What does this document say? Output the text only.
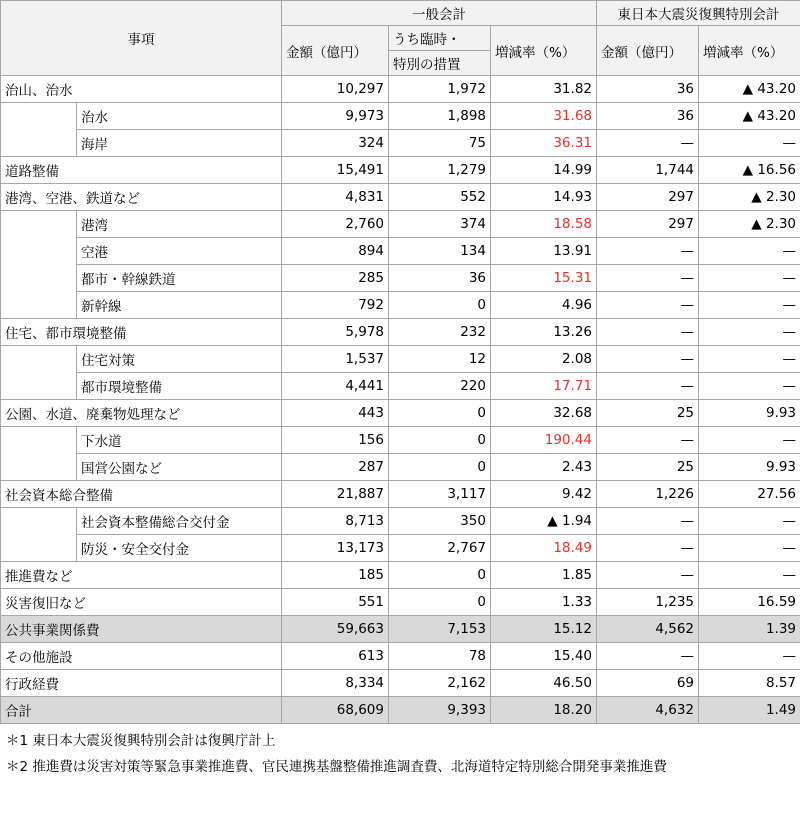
事項		一般会計			東日本大震災復興特別会計	
		金額（億円）	うち臨時・	増減率（%）	金額（億円）	増減率（%）
			特別の措置			
治山、治水		10,297	1,972	31.82	36	▲ 43.20
	治水	9,973	1,898	31.68	36	▲ 43.20
	海岸	324	75	36.31	—	—
道路整備		15,491	1,279	14.99	1,744	▲ 16.56
港湾、空港、鉄道など		4,831	552	14.93	297	▲ 2.30
	港湾	2,760	374	18.58	297	▲ 2.30
	空港	894	134	13.91	—	—
	都市・幹線鉄道	285	36	15.31	—	—
	新幹線	792	0	4.96	—	—
住宅、都市環境整備		5,978	232	13.26	—	—
	住宅対策	1,537	12	2.08	—	—
	都市環境整備	4,441	220	17.71	—	—
公園、水道、廃棄物処理など		443	0	32.68	25	9.93
	下水道	156	0	190.44	—	—
	国営公園など	287	0	2.43	25	9.93
社会資本総合整備		21,887	3,117	9.42	1,226	27.56
	社会資本整備総合交付金	8,713	350	▲ 1.94	—	—
	防災・安全交付金	13,173	2,767	18.49	—	—
推進費など		185	0	1.85	—	—
災害復旧など		551	0	1.33	1,235	16.59
公共事業関係費		59,663	7,153	15.12	4,562	1.39
その他施設		613	78	15.40	—	—
行政経費		8,334	2,162	46.50	69	8.57
合計		68,609	9,393	18.20	4,632	1.49
＊1 東日本大震災復興特別会計は復興庁計上
＊2 推進費は災害対策等緊急事業推進費、官民連携基盤整備推進調査費、北海道特定特別総合開発事業推進費
